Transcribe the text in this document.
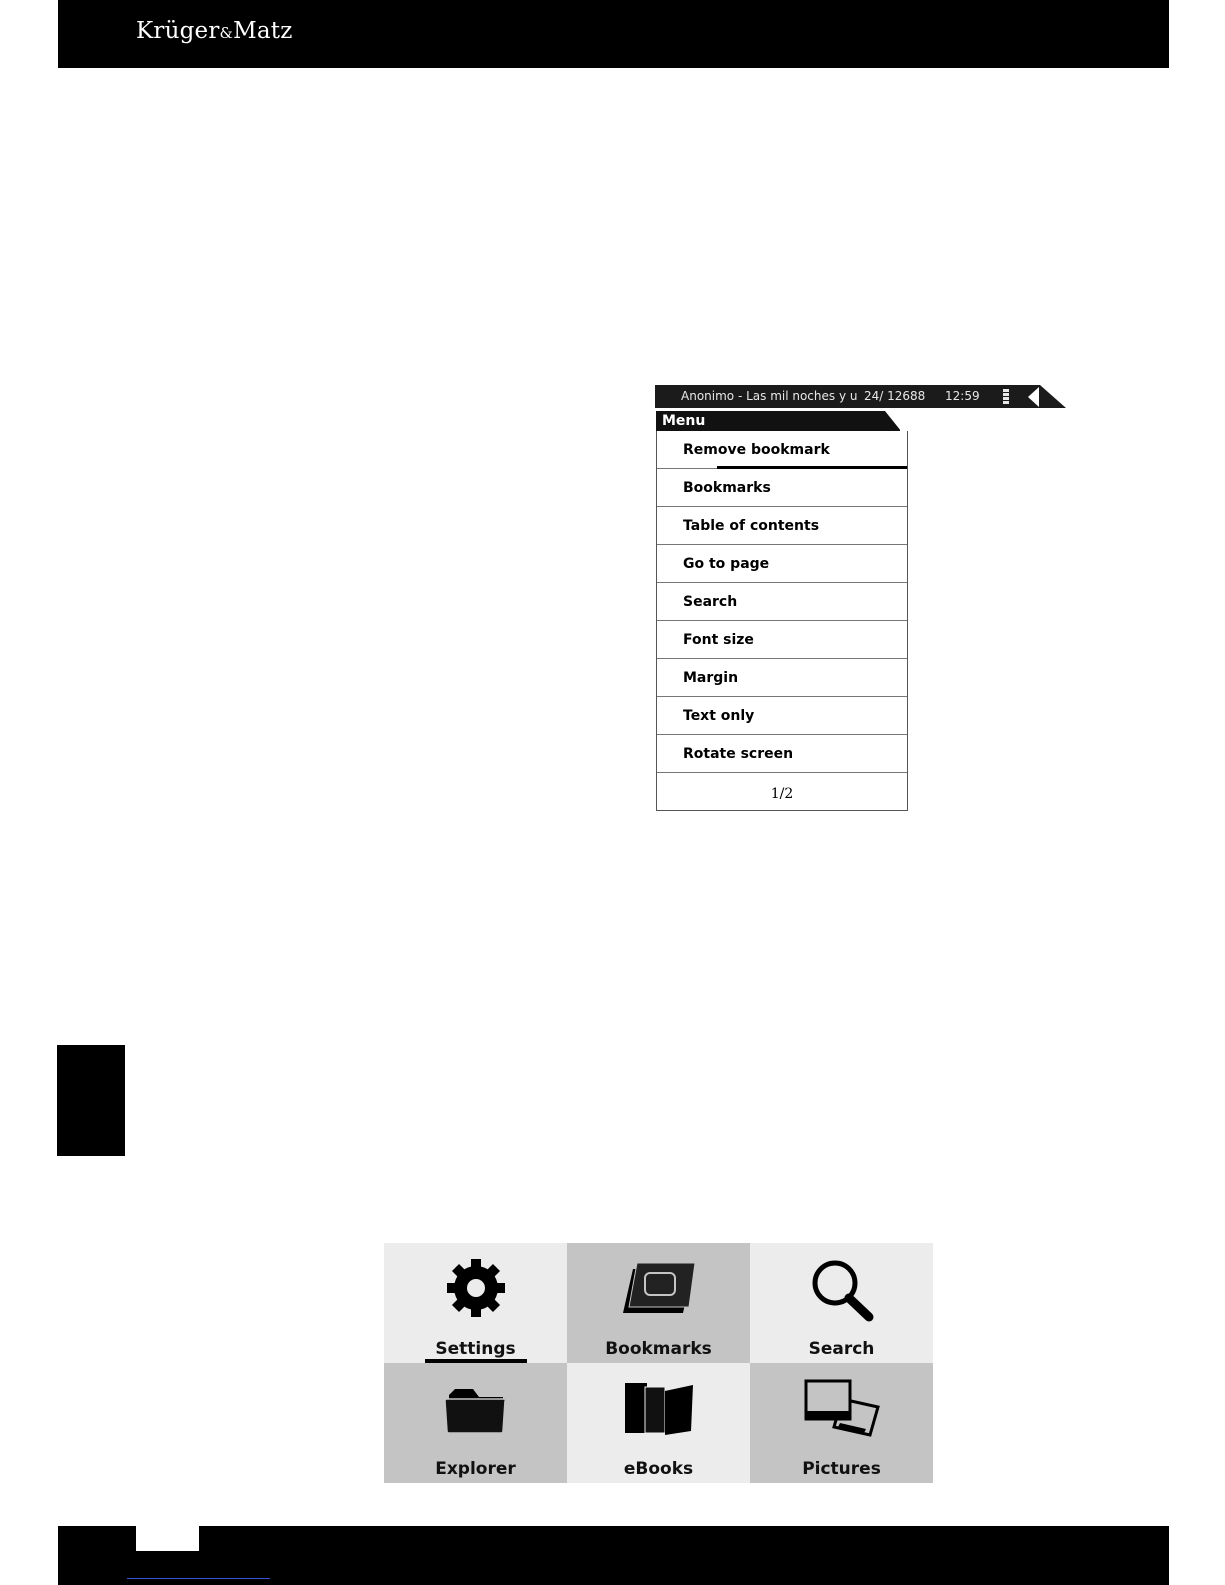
Krüger&Matz
Anonimo - Las mil noches y u 24/ 12688 12:59
Menu
Remove bookmark
Bookmarks
Table of contents
Go to page
Search
Font size
Margin
Text only
Rotate screen
1/2
Settings	Bookmarks	Search
Explorer	eBooks	Pictures
